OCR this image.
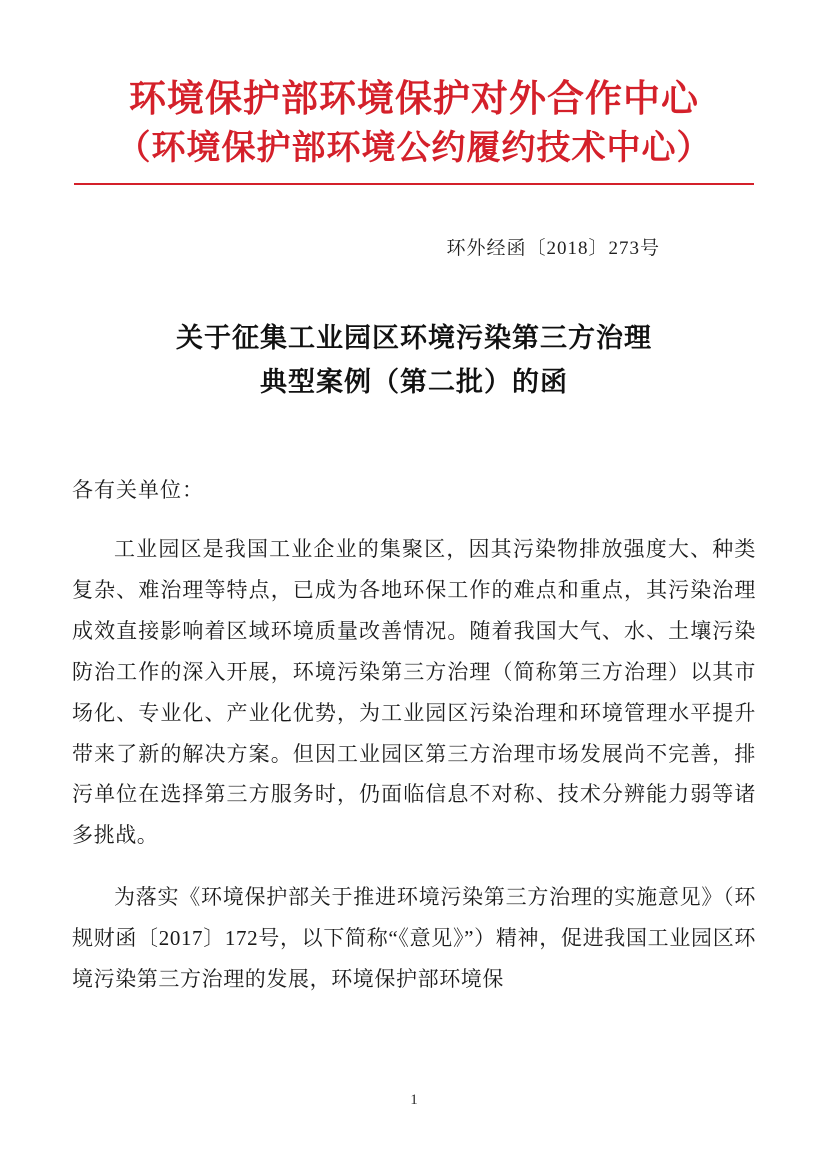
环境保护部环境保护对外合作中心
（环境保护部环境公约履约技术中心）
环外经函〔2018〕273号
关于征集工业园区环境污染第三方治理
典型案例（第二批）的函
各有关单位：

工业园区是我国工业企业的集聚区，因其污染物排放强度大、种类复杂、难治理等特点，已成为各地环保工作的难点和重点，其污染治理成效直接影响着区域环境质量改善情况。随着我国大气、水、土壤污染防治工作的深入开展，环境污染第三方治理（简称第三方治理）以其市场化、专业化、产业化优势，为工业园区污染治理和环境管理水平提升带来了新的解决方案。但因工业园区第三方治理市场发展尚不完善，排污单位在选择第三方服务时，仍面临信息不对称、技术分辨能力弱等诸多挑战。

为落实《环境保护部关于推进环境污染第三方治理的实施意见》（环规财函〔2017〕172号，以下简称“《意见》”）精神，促进我国工业园区环境污染第三方治理的发展，环境保护部环境保

1
